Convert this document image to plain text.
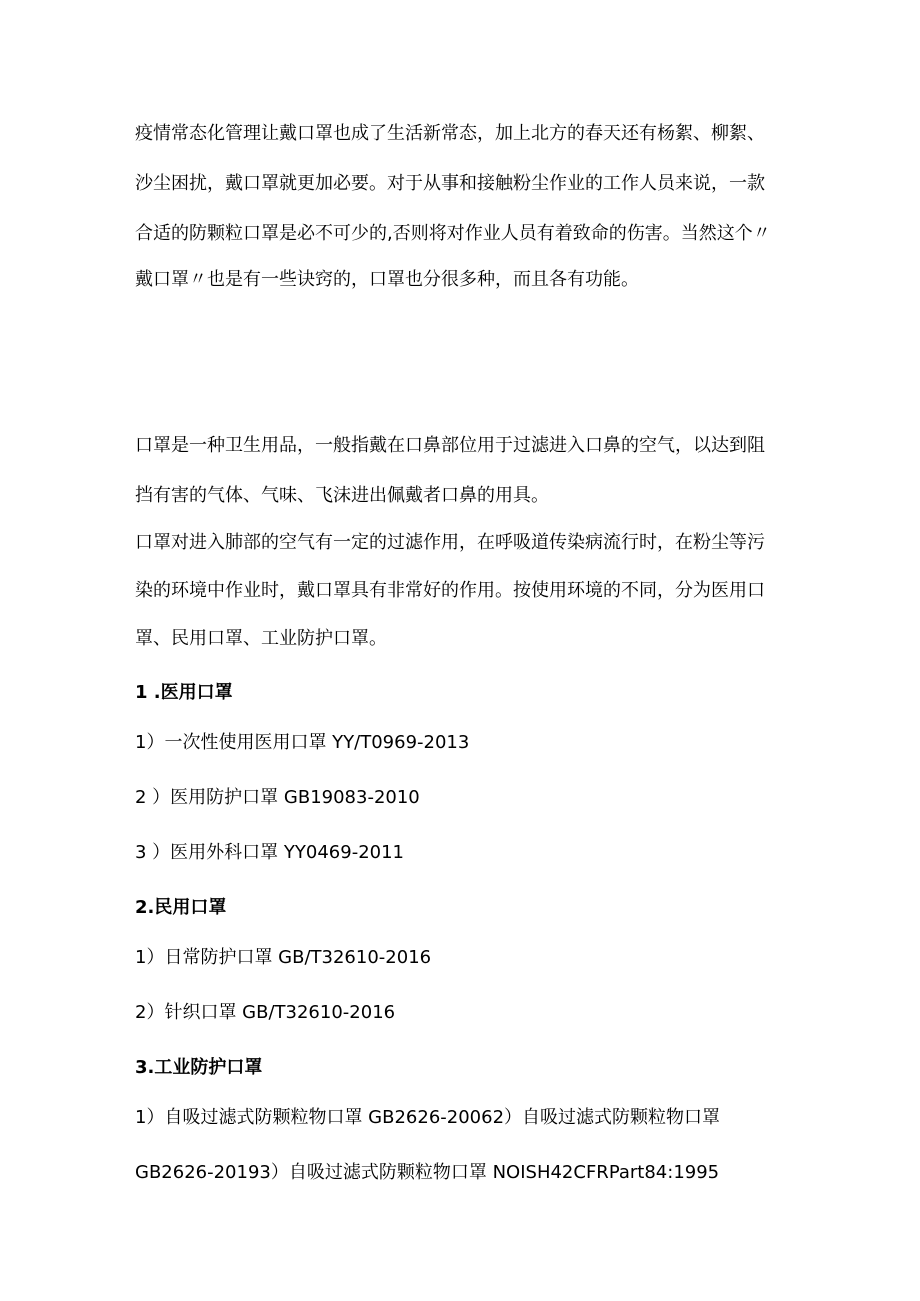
疫情常态化管理让戴口罩也成了生活新常态，加上北方的春天还有杨絮、柳絮、
沙尘困扰，戴口罩就更加必要。对于从事和接触粉尘作业的工作人员来说，一款
合适的防颗粒口罩是必不可少的,否则将对作业人员有着致命的伤害。当然这个〃
戴口罩〃也是有一些诀窍的，口罩也分很多种，而且各有功能。
口罩是一种卫生用品，一般指戴在口鼻部位用于过滤进入口鼻的空气，以达到阻
挡有害的气体、气味、飞沫进出佩戴者口鼻的用具。
口罩对进入肺部的空气有一定的过滤作用，在呼吸道传染病流行时，在粉尘等污
染的环境中作业时，戴口罩具有非常好的作用。按使用环境的不同，分为医用口
罩、民用口罩、工业防护口罩。
1 .医用口罩
1）一次性使用医用口罩 YY/T0969-2013
2 ）医用防护口罩 GB19083-2010
3 ）医用外科口罩 YY0469-2011
2.民用口罩
1）日常防护口罩 GB/T32610-2016
2）针织口罩 GB/T32610-2016
3.工业防护口罩
1）自吸过滤式防颗粒物口罩 GB2626-20062）自吸过滤式防颗粒物口罩
GB2626-20193）自吸过滤式防颗粒物口罩 NOISH42CFRPart84:1995
